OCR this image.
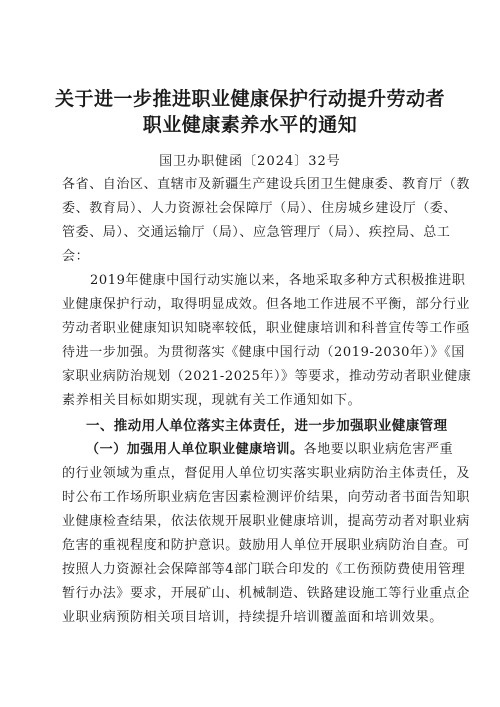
关于进一步推进职业健康保护行动提升劳动者
职业健康素养水平的通知
国卫办职健函〔2024〕32号
各省、自治区、直辖市及新疆生产建设兵团卫生健康委、教育厅（教
委、教育局）、人力资源社会保障厅（局）、住房城乡建设厅（委、
管委、局）、交通运输厅（局）、应急管理厅（局）、疾控局、总工
会：
2019年健康中国行动实施以来，各地采取多种方式积极推进职
业健康保护行动，取得明显成效。但各地工作进展不平衡，部分行业
劳动者职业健康知识知晓率较低，职业健康培训和科普宣传等工作亟
待进一步加强。为贯彻落实《健康中国行动（2019-2030年）》《国
家职业病防治规划（2021-2025年）》等要求，推动劳动者职业健康
素养相关目标如期实现，现就有关工作通知如下。
一、推动用人单位落实主体责任，进一步加强职业健康管理
（一）加强用人单位职业健康培训。各地要以职业病危害严重
的行业领域为重点，督促用人单位切实落实职业病防治主体责任，及
时公布工作场所职业病危害因素检测评价结果，向劳动者书面告知职
业健康检查结果，依法依规开展职业健康培训，提高劳动者对职业病
危害的重视程度和防护意识。鼓励用人单位开展职业病防治自查。可
按照人力资源社会保障部等4部门联合印发的《工伤预防费使用管理
暂行办法》要求，开展矿山、机械制造、铁路建设施工等行业重点企
业职业病预防相关项目培训，持续提升培训覆盖面和培训效果。
